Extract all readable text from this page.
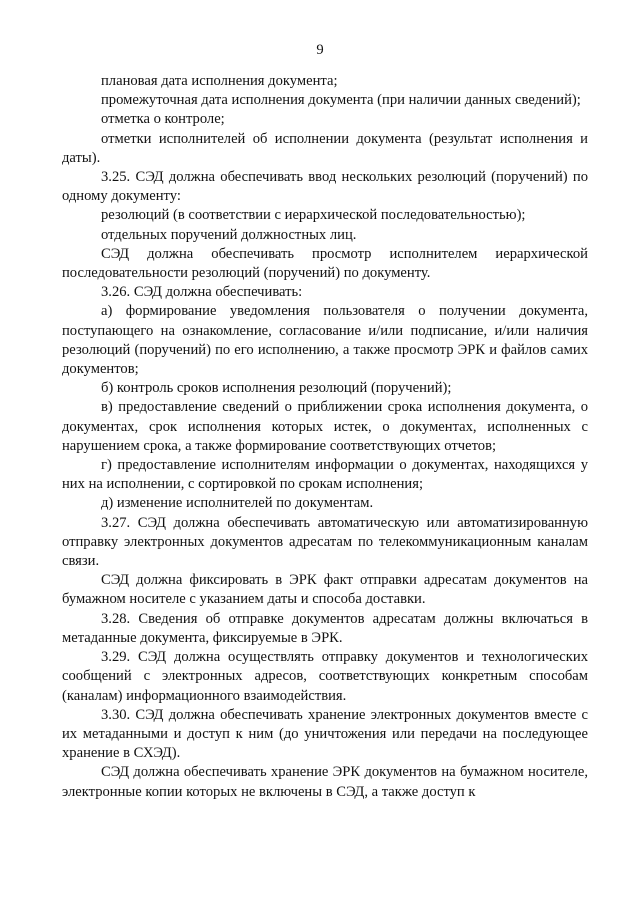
9

плановая дата исполнения документа;

промежуточная дата исполнения документа (при наличии данных сведений);

отметка о контроле;

отметки исполнителей об исполнении документа (результат исполнения и даты).

3.25. СЭД должна обеспечивать ввод нескольких резолюций (поручений) по одному документу:

резолюций (в соответствии с иерархической последовательностью);

отдельных поручений должностных лиц.

СЭД должна обеспечивать просмотр исполнителем иерархической последовательности резолюций (поручений) по документу.

3.26. СЭД должна обеспечивать:

а) формирование уведомления пользователя о получении документа, поступающего на ознакомление, согласование и/или подписание, и/или наличия резолюций (поручений) по его исполнению, а также просмотр ЭРК и файлов самих документов;

б) контроль сроков исполнения резолюций (поручений);

в) предоставление сведений о приближении срока исполнения документа, о документах, срок исполнения которых истек, о документах, исполненных с нарушением срока, а также формирование соответствующих отчетов;

г) предоставление исполнителям информации о документах, находящихся у них на исполнении, с сортировкой по срокам исполнения;

д) изменение исполнителей по документам.

3.27. СЭД должна обеспечивать автоматическую или автоматизированную отправку электронных документов адресатам по телекоммуникационным каналам связи.

СЭД должна фиксировать в ЭРК факт отправки адресатам документов на бумажном носителе с указанием даты и способа доставки.

3.28. Сведения об отправке документов адресатам должны включаться в метаданные документа, фиксируемые в ЭРК.

3.29. СЭД должна осуществлять отправку документов и технологических сообщений с электронных адресов, соответствующих конкретным способам (каналам) информационного взаимодействия.

3.30. СЭД должна обеспечивать хранение электронных документов вместе с их метаданными и доступ к ним (до уничтожения или передачи на последующее хранение в СХЭД).

СЭД должна обеспечивать хранение ЭРК документов на бумажном носителе, электронные копии которых не включены в СЭД, а также доступ к
